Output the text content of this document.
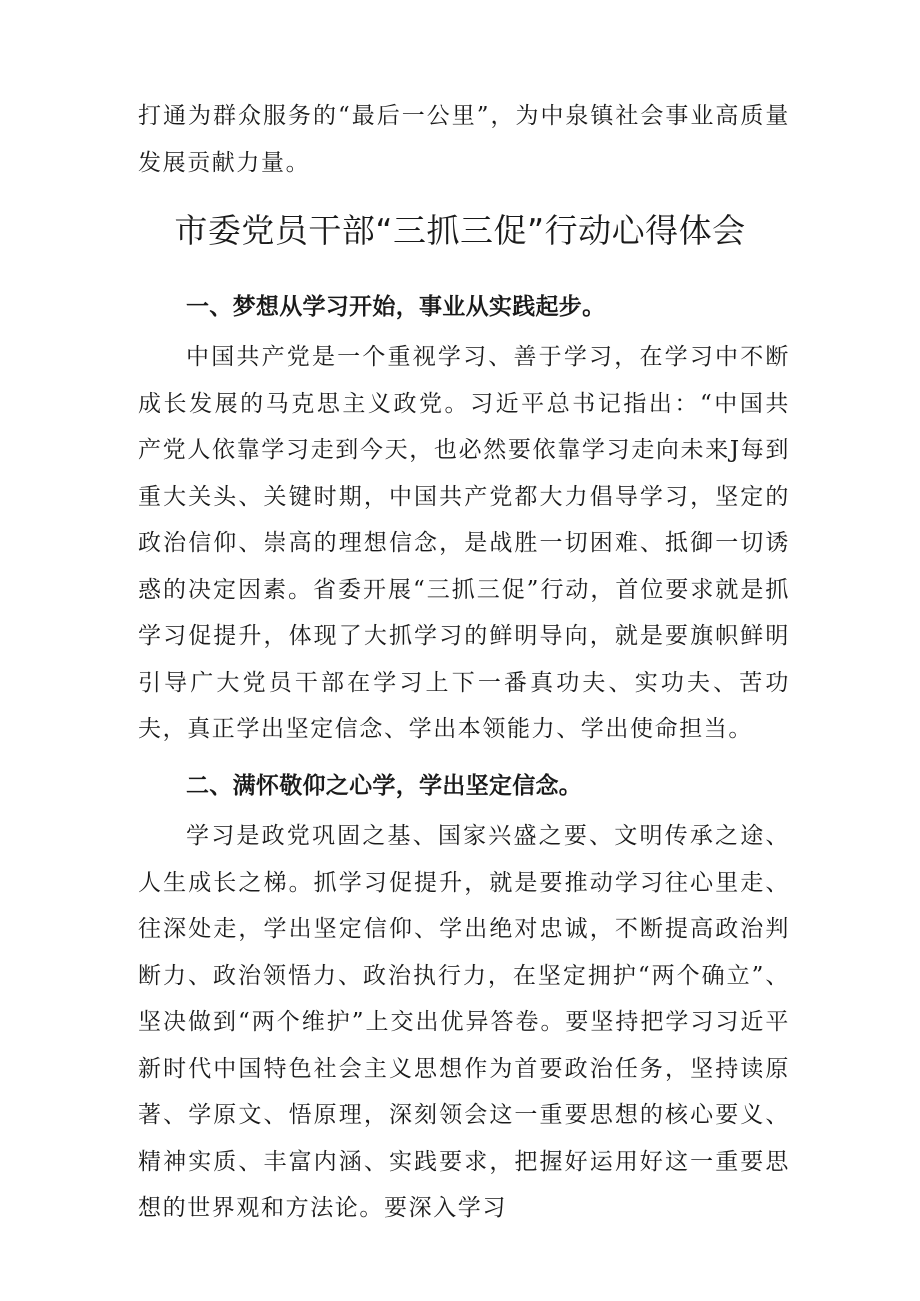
打通为群众服务的“最后一公里”，为中泉镇社会事业高质量发展贡献力量。

市委党员干部“三抓三促”行动心得体会
一、梦想从学习开始，事业从实践起步。

中国共产党是一个重视学习、善于学习，在学习中不断成长发展的马克思主义政党。习近平总书记指出：“中国共产党人依靠学习走到今天，也必然要依靠学习走向未来J每到重大关头、关键时期，中国共产党都大力倡导学习，坚定的政治信仰、崇高的理想信念，是战胜一切困难、抵御一切诱惑的决定因素。省委开展“三抓三促”行动，首位要求就是抓学习促提升，体现了大抓学习的鲜明导向，就是要旗帜鲜明引导广大党员干部在学习上下一番真功夫、实功夫、苦功夫，真正学出坚定信念、学出本领能力、学出使命担当。

二、满怀敬仰之心学，学出坚定信念。

学习是政党巩固之基、国家兴盛之要、文明传承之途、人生成长之梯。抓学习促提升，就是要推动学习往心里走、往深处走，学出坚定信仰、学出绝对忠诚，不断提高政治判断力、政治领悟力、政治执行力，在坚定拥护“两个确立”、坚决做到“两个维护”上交出优异答卷。要坚持把学习习近平新时代中国特色社会主义思想作为首要政治任务，坚持读原著、学原文、悟原理，深刻领会这一重要思想的核心要义、精神实质、丰富内涵、实践要求，把握好运用好这一重要思想的世界观和方法论。要深入学习
